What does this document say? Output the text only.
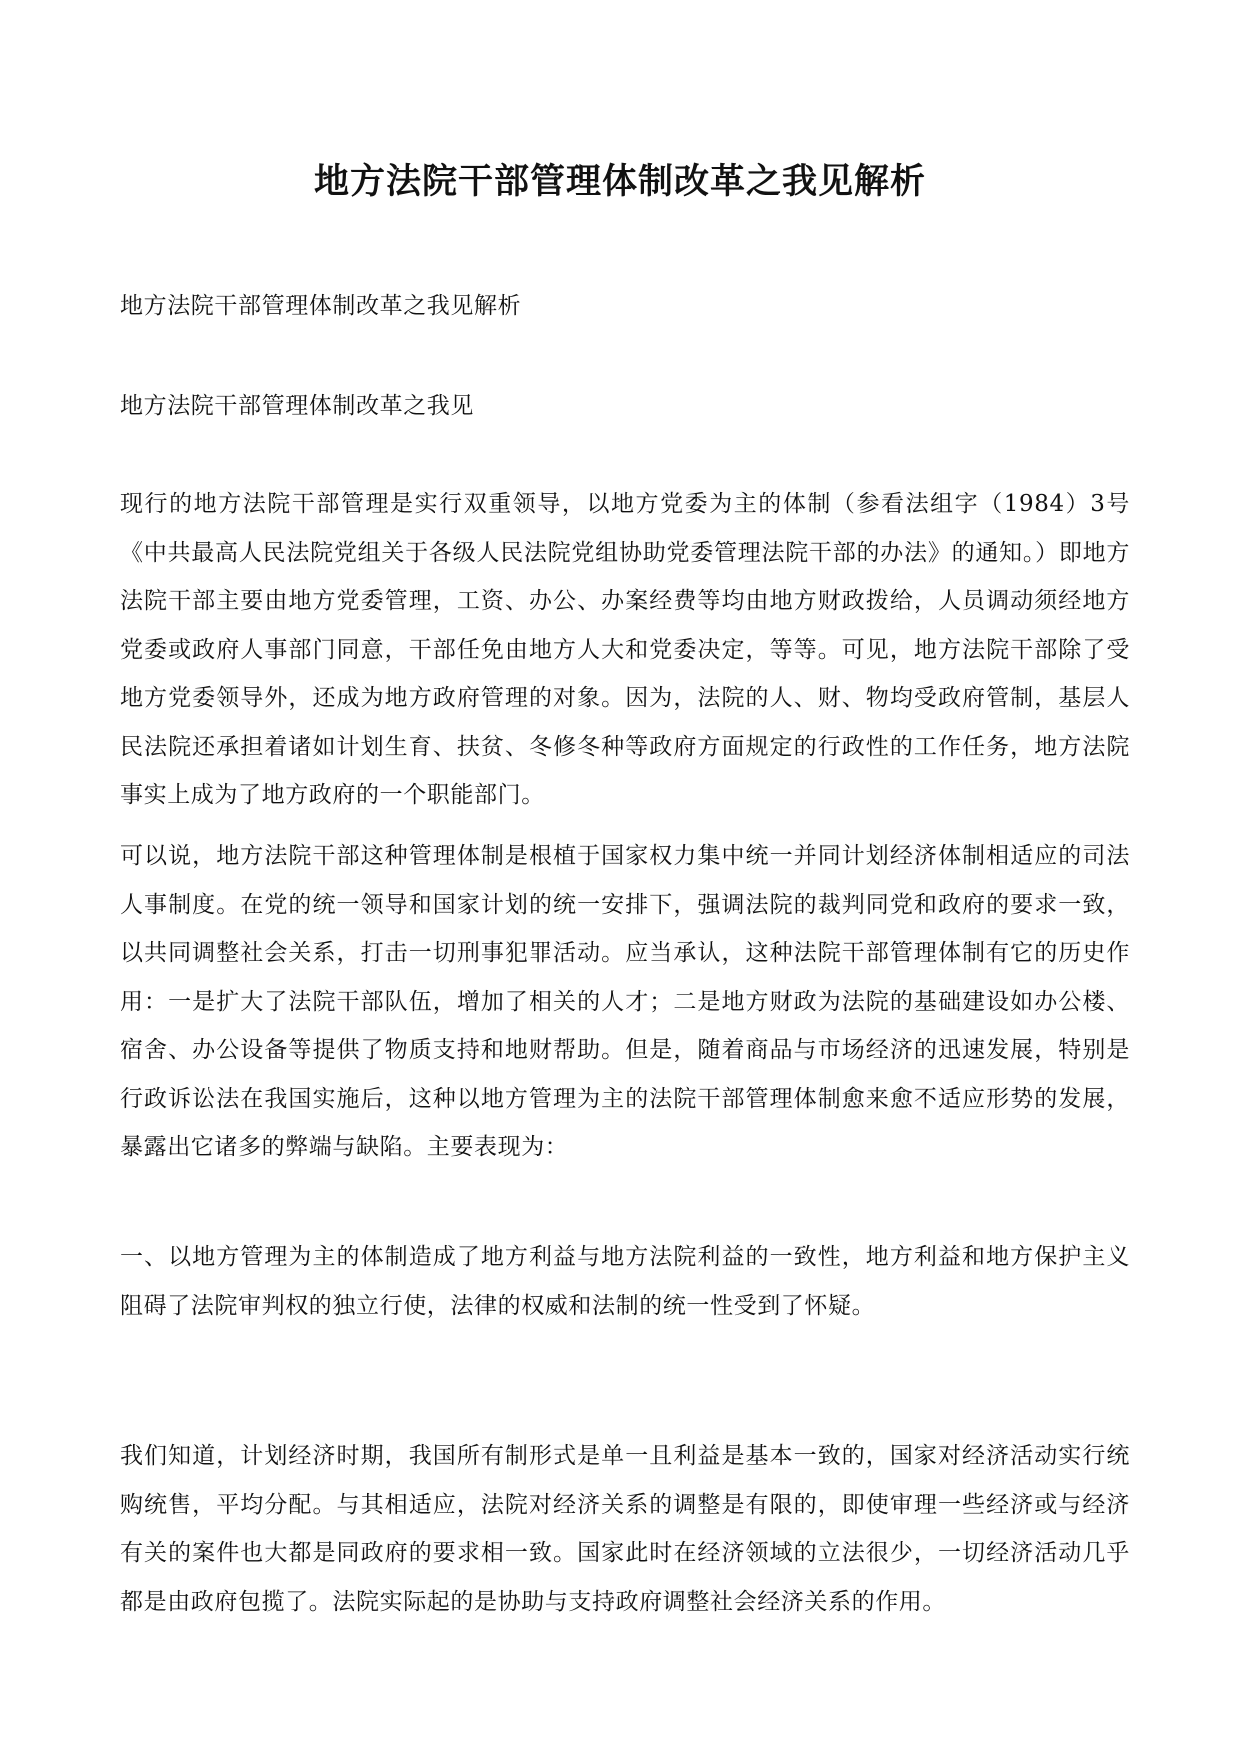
地方法院干部管理体制改革之我见解析

地方法院干部管理体制改革之我见解析

地方法院干部管理体制改革之我见

现行的地方法院干部管理是实行双重领导，以地方党委为主的体制（参看法组字（1984）3号《中共最高人民法院党组关于各级人民法院党组协助党委管理法院干部的办法》的通知。）即地方法院干部主要由地方党委管理，工资、办公、办案经费等均由地方财政拨给，人员调动须经地方党委或政府人事部门同意，干部任免由地方人大和党委决定，等等。可见，地方法院干部除了受地方党委领导外，还成为地方政府管理的对象。因为，法院的人、财、物均受政府管制，基层人民法院还承担着诸如计划生育、扶贫、冬修冬种等政府方面规定的行政性的工作任务，地方法院事实上成为了地方政府的一个职能部门。

可以说，地方法院干部这种管理体制是根植于国家权力集中统一并同计划经济体制相适应的司法人事制度。在党的统一领导和国家计划的统一安排下，强调法院的裁判同党和政府的要求一致，以共同调整社会关系，打击一切刑事犯罪活动。应当承认，这种法院干部管理体制有它的历史作用：一是扩大了法院干部队伍，增加了相关的人才；二是地方财政为法院的基础建设如办公楼、宿舍、办公设备等提供了物质支持和地财帮助。但是，随着商品与市场经济的迅速发展，特别是行政诉讼法在我国实施后，这种以地方管理为主的法院干部管理体制愈来愈不适应形势的发展，暴露出它诸多的弊端与缺陷。主要表现为：

一、以地方管理为主的体制造成了地方利益与地方法院利益的一致性，地方利益和地方保护主义阻碍了法院审判权的独立行使，法律的权威和法制的统一性受到了怀疑。

我们知道，计划经济时期，我国所有制形式是单一且利益是基本一致的，国家对经济活动实行统购统售，平均分配。与其相适应，法院对经济关系的调整是有限的，即使审理一些经济或与经济有关的案件也大都是同政府的要求相一致。国家此时在经济领域的立法很少，一切经济活动几乎都是由政府包揽了。法院实际起的是协助与支持政府调整社会经济关系的作用。
